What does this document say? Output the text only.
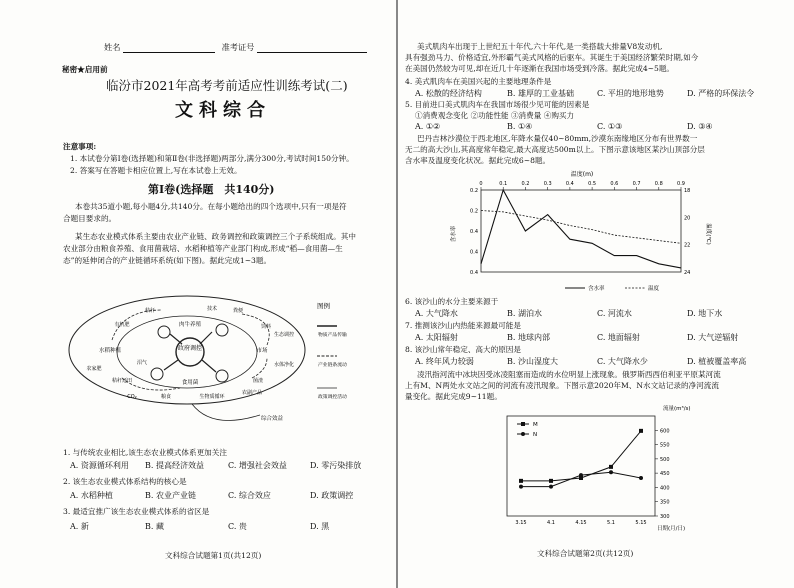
姓名	准考证号
秘密★启用前
临汾市2021年高考考前适应性训练考试(二)
文科综合
注意事项:
1. 本试卷分第Ⅰ卷(选择题)和第Ⅱ卷(非选择题)两部分,满分300分,考试时间150分钟。
2. 答案写在答题卡相应位置上,写在本试卷上无效。
第Ⅰ卷(选择题　共140分)
本卷共35道小题,每小题4分,共140分。在每小题给出的四个选项中,只有一项是符
合题目要求的。
某生态农业模式体系主要由农业产业链、政务调控和政策调控三个子系统组成。其中
农业部分由粮食养殖、食用菌栽培、水稻种植等产业部门构成,形成“稻—食用菌—生
态”的延伸闭合的产业链循环系统(如下图)。据此完成1~3题。
政府调控
肉牛养殖
水稻种植
食用菌
市场
秸秆	粪便
有机肥	饲料
秸秆还田	菌渣
技术
粮食
水体净化
农家肥
沼气
CO₂	生物质循环
农副产品
生态调控
综合效益
图例
物质产品传输
产业链条流动
政策调控活动
1. 与传统农业相比,该生态农业模式体系更加关注
A. 资源循环利用 B. 提高经济效益	C. 增强社会效益	D. 零污染排放
2. 该生态农业模式体系结构的核心是
A. 水稻种植	B. 农业产业链	C. 综合效应	D. 政策调控
3. 最适宜推广该生态农业模式体系的省区是
A. 新	B. 藏	C. 贵	D. 黑
文科综合试题第1页(共12页)
美式肌肉车出现于上世纪五十年代,六十年代,是一类搭载大排量V8发动机,
具有强劲马力、价格适宜,外形霸气美式风格的后驱车。其诞生于美国经济繁荣时期,如今
在美国仍然较为可见,却在近几十年逐渐在我国市场受到冷落。据此完成4~5题。
4. 美式肌肉车在美国兴起的主要地理条件是
A. 松散的经济结构	B. 雄厚的工业基础	C. 平坦的地形地势	D. 严格的环保法令
5. 目前进口美式肌肉车在我国市场很少见可能的因素是
①消费观念变化 ②功能性能 ③消费量 ④购买力
A. ①②	B. ①④	C. ①③	D. ③④
巴丹吉林沙漠位于西北地区,年降水量仅40~80mm,沙漠东南缘地区分布有世界数一
无二的高大沙山,其高度常年稳定,最大高度达500m以上。下图示意该地区某沙山顶部分层
含水率及温度变化状况。据此完成6~8题。
温度(m)
0	0.1	0.2	0.3	0.4	0.5	0.6	0.7	0.8	0.9
含水率
0.2
0.2
0.4
0.4
0.4
温度(℃)
18
20
22
24
含水率	温度
6. 该沙山的水分主要来源于
A. 大气降水	B. 湖泊水	C. 河流水	D. 地下水
7. 推测该沙山内热能来源最可能是
A. 太阳辐射	B. 地球内部	C. 地面辐射	D. 大气逆辐射
8. 该沙山常年稳定、高大的原因是
A. 终年风力较弱	B. 沙山湿度大	C. 大气降水少	D. 植被覆盖率高
凌汛指河流中冰块因受冰凌阻塞而造成的水位明显上涨现象。俄罗斯西西伯利亚平原某河流
上有M、N两处水文站之间的河流有凌汛现象。下图示意2020年M、N水文站记录的净河流流
量变化。据此完成9~11题。
流量(m³/s)
300
350
400
450
500
550
600
3.15	4.1	4.15	5.1	5.15
日期(月/日)
M
N
文科综合试题第2页(共12页)
